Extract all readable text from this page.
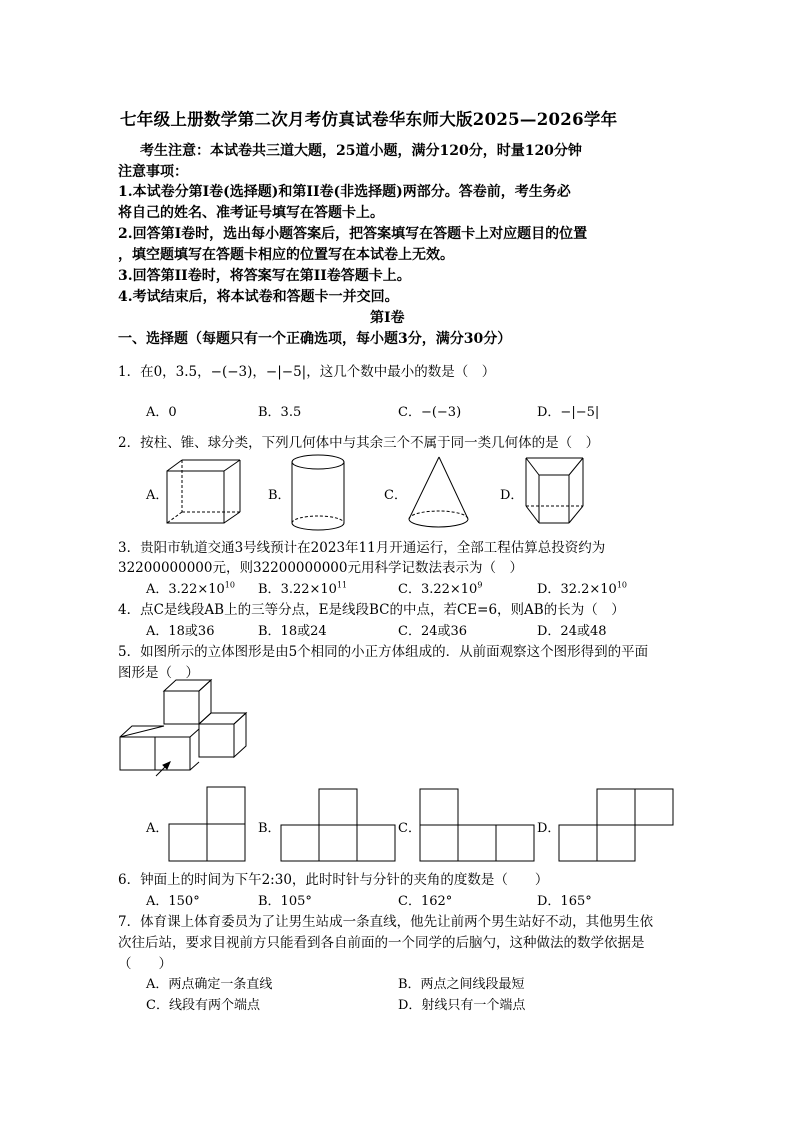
七年级上册数学第二次月考仿真试卷华东师大版2025—2026学年
考生注意：本试卷共三道大题，25道小题，满分120分，时量120分钟
注意事项：
1.本试卷分第I卷(选择题)和第II卷(非选择题)两部分。答卷前，考生务必
将自己的姓名、准考证号填写在答题卡上。
2.回答第I卷时，选出每小题答案后，把答案填写在答题卡上对应题目的位置
，填空题填写在答题卡相应的位置写在本试卷上无效。
3.回答第II卷时，将答案写在第II卷答题卡上。
4.考试结束后，将本试卷和答题卡一并交回。
第I卷
一、选择题（每题只有一个正确选项，每小题3分，满分30分）
1．在0，3.5，−(−3)，−|−5|，这几个数中最小的数是（　）
A．0	B．3.5	C．−(−3)	D．−|−5|
2．按柱、锥、球分类，下列几何体中与其余三个不属于同一类几何体的是（　）
A．	B．	C．	D．
3．贵阳市轨道交通3号线预计在2023年11月开通运行，全部工程估算总投资约为
32200000000元，则32200000000元用科学记数法表示为（　）
A．$3.22\times 10^{10}$ B．$3.22\times 10^{11}$	C．$3.22\times 10^9$	D．$32.2\times 10^{10}$
4．点C是线段AB上的三等分点，E是线段BC的中点，若CE=6，则AB的长为（　）
A．18或36	B．18或24	C．24或36	D．24或48
5．如图所示的立体图形是由5个相同的小正方体组成的．从前面观察这个图形得到的平面
图形是（　）
A．	B．	C．	D．
6．钟面上的时间为下午2:30，此时时针与分针的夹角的度数是（　　）
A．150°	B．105°	C．162°	D．165°
7．体育课上体育委员为了让男生站成一条直线，他先让前两个男生站好不动，其他男生依
次往后站，要求目视前方只能看到各自前面的一个同学的后脑勺，这种做法的数学依据是
（　　）
A．两点确定一条直线	B．两点之间线段最短
C．线段有两个端点	D．射线只有一个端点
